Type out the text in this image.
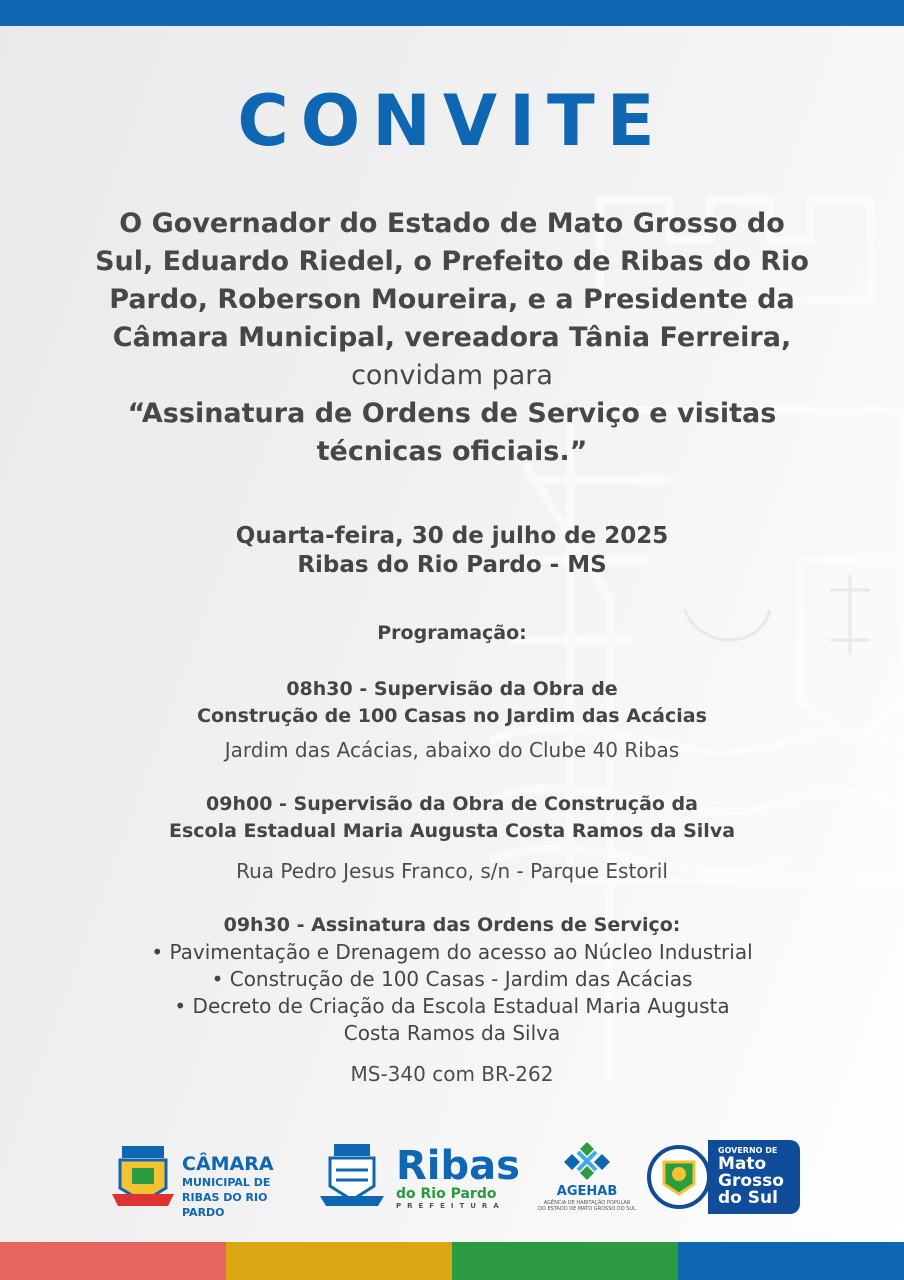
CONVITE
O Governador do Estado de Mato Grosso do
Sul, Eduardo Riedel, o Prefeito de Ribas do Rio
Pardo, Roberson Moureira, e a Presidente da
Câmara Municipal, vereadora Tânia Ferreira,
convidam para
“Assinatura de Ordens de Serviço e visitas
técnicas oficiais.”
Quarta-feira, 30 de julho de 2025
Ribas do Rio Pardo - MS
Programação:
08h30 - Supervisão da Obra de
Construção de 100 Casas no Jardim das Acácias
Jardim das Acácias, abaixo do Clube 40 Ribas
09h00 - Supervisão da Obra de Construção da
Escola Estadual Maria Augusta Costa Ramos da Silva
Rua Pedro Jesus Franco, s/n - Parque Estoril
09h30 - Assinatura das Ordens de Serviço:
• Pavimentação e Drenagem do acesso ao Núcleo Industrial
• Construção de 100 Casas - Jardim das Acácias
• Decreto de Criação da Escola Estadual Maria Augusta
Costa Ramos da Silva
MS-340 com BR-262
CÂMARA
MUNICIPAL DE
RIBAS DO RIO PARDO
Ribas
do Rio Pardo
PREFEITURA
AGEHAB
AGÊNCIA DE HABITAÇÃO POPULAR
DO ESTADO DE MATO GROSSO DO SUL
GOVERNO DE
Mato
Grosso
do Sul
